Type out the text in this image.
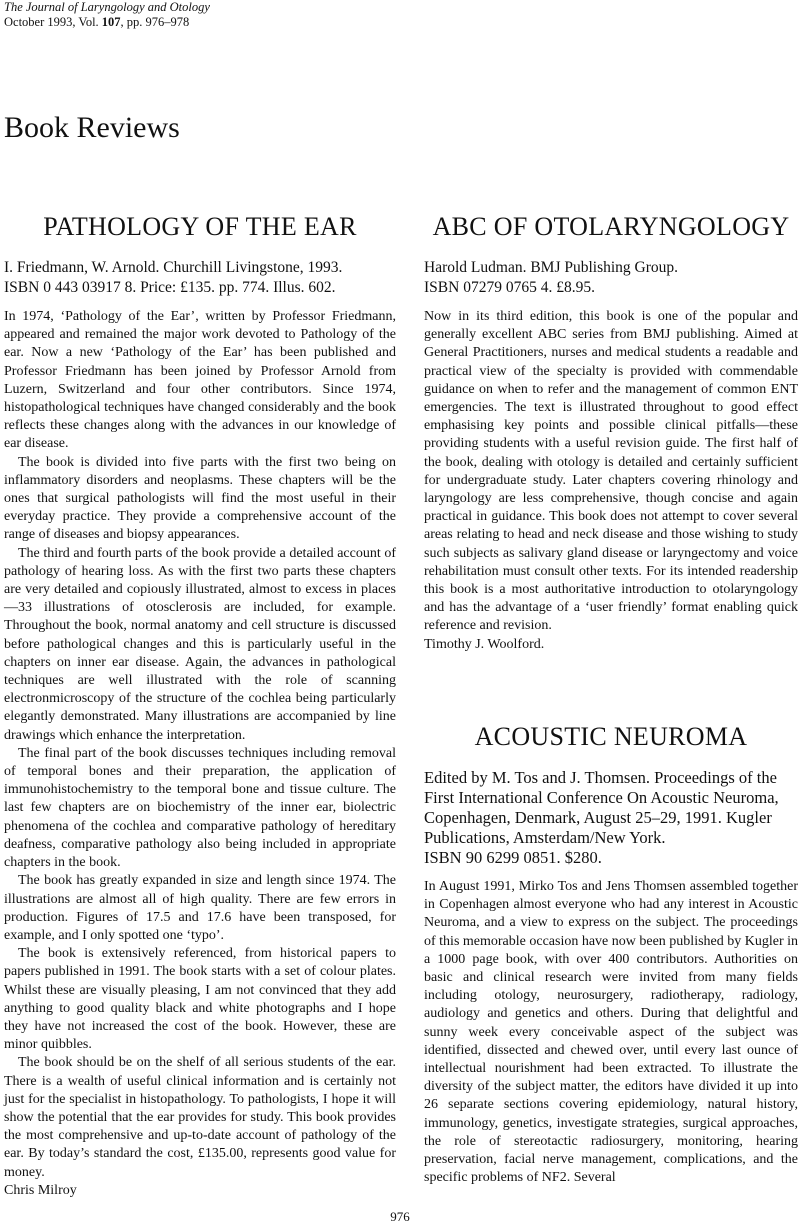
The Journal of Laryngology and Otology
October 1993, Vol. 107, pp. 976–978
Book Reviews
PATHOLOGY OF THE EAR
I. Friedmann, W. Arnold. Churchill Livingstone, 1993.
ISBN 0 443 03917 8. Price: £135. pp. 774. Illus. 602.

In 1974, ‘Pathology of the Ear’, written by Professor Friedmann, appeared and remained the major work devoted to Pathology of the ear. Now a new ‘Pathology of the Ear’ has been published and Professor Friedmann has been joined by Professor Arnold from Luzern, Switzerland and four other contributors. Since 1974, histopathological techniques have changed considerably and the book reflects these changes along with the advances in our knowledge of ear disease.

The book is divided into five parts with the first two being on inflammatory disorders and neoplasms. These chapters will be the ones that surgical pathologists will find the most useful in their everyday practice. They provide a comprehensive account of the range of diseases and biopsy appearances.

The third and fourth parts of the book provide a detailed account of pathology of hearing loss. As with the first two parts these chapters are very detailed and copiously illustrated, almost to excess in places—33 illustrations of otosclerosis are included, for example. Throughout the book, normal anatomy and cell structure is discussed before pathological changes and this is particularly useful in the chapters on inner ear disease. Again, the advances in pathological techniques are well illustrated with the role of scanning electronmicroscopy of the structure of the cochlea being particularly elegantly demonstrated. Many illustrations are accompanied by line drawings which enhance the interpretation.

The final part of the book discusses techniques including removal of temporal bones and their preparation, the application of immunohistochemistry to the temporal bone and tissue culture. The last few chapters are on biochemistry of the inner ear, biolectric phenomena of the cochlea and comparative pathology of hereditary deafness, comparative pathology also being included in appropriate chapters in the book.

The book has greatly expanded in size and length since 1974. The illustrations are almost all of high quality. There are few errors in production. Figures of 17.5 and 17.6 have been transposed, for example, and I only spotted one ‘typo’.

The book is extensively referenced, from historical papers to papers published in 1991. The book starts with a set of colour plates. Whilst these are visually pleasing, I am not convinced that they add anything to good quality black and white photographs and I hope they have not increased the cost of the book. However, these are minor quibbles.

The book should be on the shelf of all serious students of the ear. There is a wealth of useful clinical information and is certainly not just for the specialist in histopathology. To pathologists, I hope it will show the potential that the ear provides for study. This book provides the most comprehensive and up-to-date account of pathology of the ear. By today’s standard the cost, £135.00, represents good value for money.

Chris Milroy
ABC OF OTOLARYNGOLOGY
Harold Ludman. BMJ Publishing Group.
ISBN 07279 0765 4. £8.95.

Now in its third edition, this book is one of the popular and generally excellent ABC series from BMJ publishing. Aimed at General Practitioners, nurses and medical students a readable and practical view of the specialty is provided with commendable guidance on when to refer and the management of common ENT emergencies. The text is illustrated throughout to good effect emphasising key points and possible clinical pitfalls—these providing students with a useful revision guide. The first half of the book, dealing with otology is detailed and certainly sufficient for undergraduate study. Later chapters covering rhinology and laryngology are less comprehensive, though concise and again practical in guidance. This book does not attempt to cover several areas relating to head and neck disease and those wishing to study such subjects as salivary gland disease or laryngectomy and voice rehabilitation must consult other texts. For its intended readership this book is a most authoritative introduction to otolaryngology and has the advantage of a ‘user friendly’ format enabling quick reference and revision.

Timothy J. Woolford.
ACOUSTIC NEUROMA
Edited by M. Tos and J. Thomsen. Proceedings of the First International Conference On Acoustic Neuroma, Copenhagen, Denmark, August 25–29, 1991. Kugler Publications, Amsterdam/New York.
ISBN 90 6299 0851. $280.

In August 1991, Mirko Tos and Jens Thomsen assembled together in Copenhagen almost everyone who had any interest in Acoustic Neuroma, and a view to express on the subject. The proceedings of this memorable occasion have now been published by Kugler in a 1000 page book, with over 400 contributors. Authorities on basic and clinical research were invited from many fields including otology, neurosurgery, radiotherapy, radiology, audiology and genetics and others. During that delightful and sunny week every conceivable aspect of the subject was identified, dissected and chewed over, until every last ounce of intellectual nourishment had been extracted. To illustrate the diversity of the subject matter, the editors have divided it up into 26 separate sections covering epidemiology, natural history, immunology, genetics, investigate strategies, surgical approaches, the role of stereotactic radiosurgery, monitoring, hearing preservation, facial nerve management, complications, and the specific problems of NF2. Several

976
